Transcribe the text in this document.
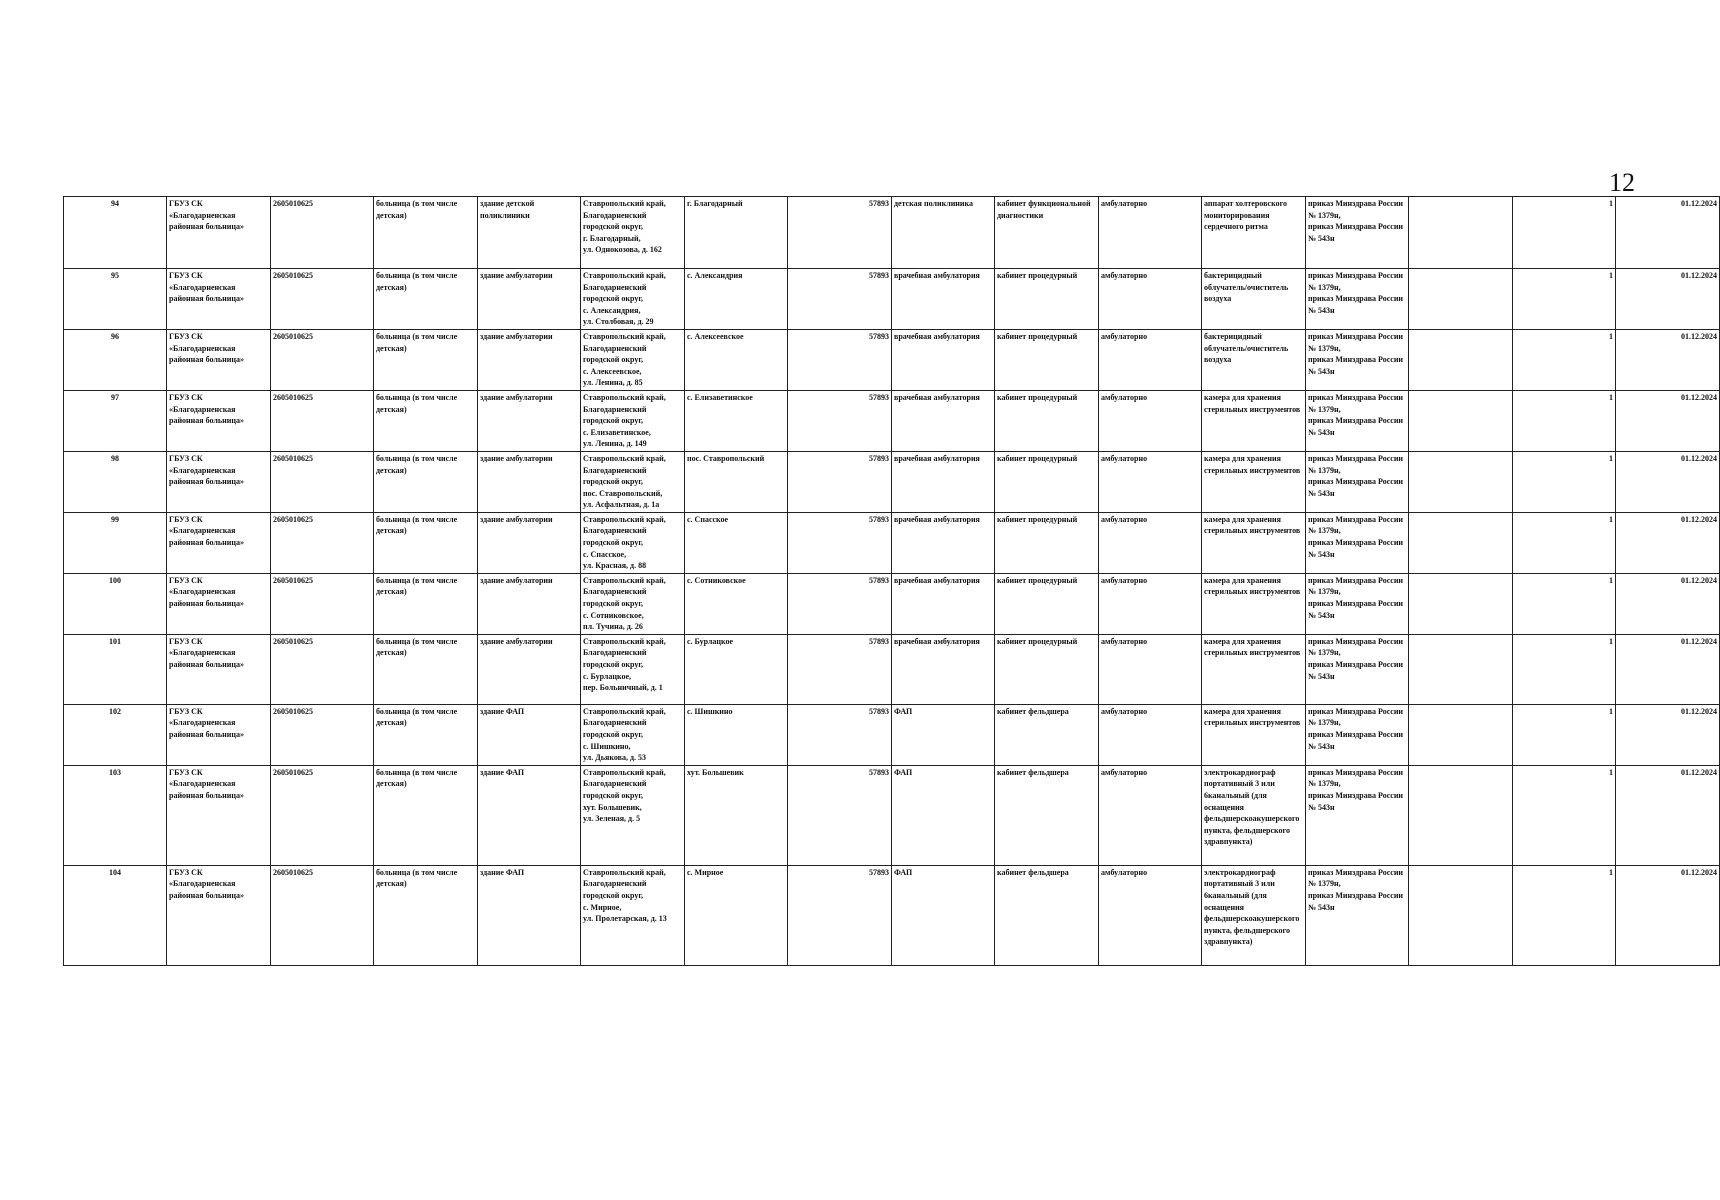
12
94	ГБУЗ СК
«Благодарненская
районная больница»	2605010625	больница (в том числе детская)	здание детской поликлиники	Ставропольский край,
Благодарненский
городской округ,
г. Благодарный,
ул. Однокозова, д. 162	г. Благодарный	57893	детская поликлиника	кабинет функциональной диагностики	амбулаторно	аппарат холтеровского мониторирования сердечного ритма	приказ Минздрава России
№ 1379н,
приказ Минздрава России
№ 543н		1	01.12.2024
95	ГБУЗ СК
«Благодарненская
районная больница»	2605010625	больница (в том числе детская)	здание амбулатории	Ставропольский край,
Благодарненский
городской округ,
с. Александрия,
ул. Столбовая, д. 29	с. Александрия	57893	врачебная амбулатория	кабинет процедурный	амбулаторно	бактерицидный облучатель/очиститель воздуха	приказ Минздрава России
№ 1379н,
приказ Минздрава России
№ 543н		1	01.12.2024
96	ГБУЗ СК
«Благодарненская
районная больница»	2605010625	больница (в том числе детская)	здание амбулатории	Ставропольский край,
Благодарненский
городской округ,
с. Алексеевское,
ул. Ленина, д. 85	с. Алексеевское	57893	врачебная амбулатория	кабинет процедурный	амбулаторно	бактерицидный облучатель/очиститель воздуха	приказ Минздрава России
№ 1379н,
приказ Минздрава России
№ 543н		1	01.12.2024
97	ГБУЗ СК
«Благодарненская
районная больница»	2605010625	больница (в том числе детская)	здание амбулатории	Ставропольский край,
Благодарненский
городской округ,
с. Елизаветинское,
ул. Ленина, д. 149	с. Елизаветинское	57893	врачебная амбулатория	кабинет процедурный	амбулаторно	камера для хранения стерильных инструментов	приказ Минздрава России
№ 1379н,
приказ Минздрава России
№ 543н		1	01.12.2024
98	ГБУЗ СК
«Благодарненская
районная больница»	2605010625	больница (в том числе детская)	здание амбулатории	Ставропольский край,
Благодарненский
городской округ,
пос. Ставропольский,
ул. Асфальтная, д. 1а	пос. Ставропольский	57893	врачебная амбулатория	кабинет процедурный	амбулаторно	камера для хранения стерильных инструментов	приказ Минздрава России
№ 1379н,
приказ Минздрава России
№ 543н		1	01.12.2024
99	ГБУЗ СК
«Благодарненская
районная больница»	2605010625	больница (в том числе детская)	здание амбулатории	Ставропольский край,
Благодарненский
городской округ,
с. Спасское,
ул. Красная, д. 88	с. Спасское	57893	врачебная амбулатория	кабинет процедурный	амбулаторно	камера для хранения стерильных инструментов	приказ Минздрава России
№ 1379н,
приказ Минздрава России
№ 543н		1	01.12.2024
100	ГБУЗ СК
«Благодарненская
районная больница»	2605010625	больница (в том числе детская)	здание амбулатории	Ставропольский край,
Благодарненский
городской округ,
с. Сотниковское,
пл. Тучина, д. 26	с. Сотниковское	57893	врачебная амбулатория	кабинет процедурный	амбулаторно	камера для хранения стерильных инструментов	приказ Минздрава России
№ 1379н,
приказ Минздрава России
№ 543н		1	01.12.2024
101	ГБУЗ СК
«Благодарненская
районная больница»	2605010625	больница (в том числе детская)	здание амбулатории	Ставропольский край,
Благодарненский
городской округ,
с. Бурлацкое,
пер. Больничный, д. 1	с. Бурлацкое	57893	врачебная амбулатория	кабинет процедурный	амбулаторно	камера для хранения стерильных инструментов	приказ Минздрава России
№ 1379н,
приказ Минздрава России
№ 543н		1	01.12.2024
102	ГБУЗ СК
«Благодарненская
районная больница»	2605010625	больница (в том числе детская)	здание ФАП	Ставропольский край,
Благодарненский
городской округ,
с. Шишкино,
ул. Дьякова, д. 53	с. Шишкино	57893	ФАП	кабинет фельдшера	амбулаторно	камера для хранения стерильных инструментов	приказ Минздрава России
№ 1379н,
приказ Минздрава России
№ 543н		1	01.12.2024
103	ГБУЗ СК
«Благодарненская
районная больница»	2605010625	больница (в том числе детская)	здание ФАП	Ставропольский край,
Благодарненский
городской округ,
хут. Большевик,
ул. Зеленая, д. 5	хут. Большевик	57893	ФАП	кабинет фельдшера	амбулаторно	электрокардиограф портативный 3 или 6канальный (для оснащения фельдшерскоакушерского пункта, фельдшерского здравпункта)	приказ Минздрава России
№ 1379н,
приказ Минздрава России
№ 543н		1	01.12.2024
104	ГБУЗ СК
«Благодарненская
районная больница»	2605010625	больница (в том числе детская)	здание ФАП	Ставропольский край,
Благодарненский
городской округ,
с. Мирное,
ул. Пролетарская, д. 13	с. Мирное	57893	ФАП	кабинет фельдшера	амбулаторно	электрокардиограф портативный 3 или 6канальный (для оснащения фельдшерскоакушерского пункта, фельдшерского здравпункта)	приказ Минздрава России
№ 1379н,
приказ Минздрава России
№ 543н		1	01.12.2024
